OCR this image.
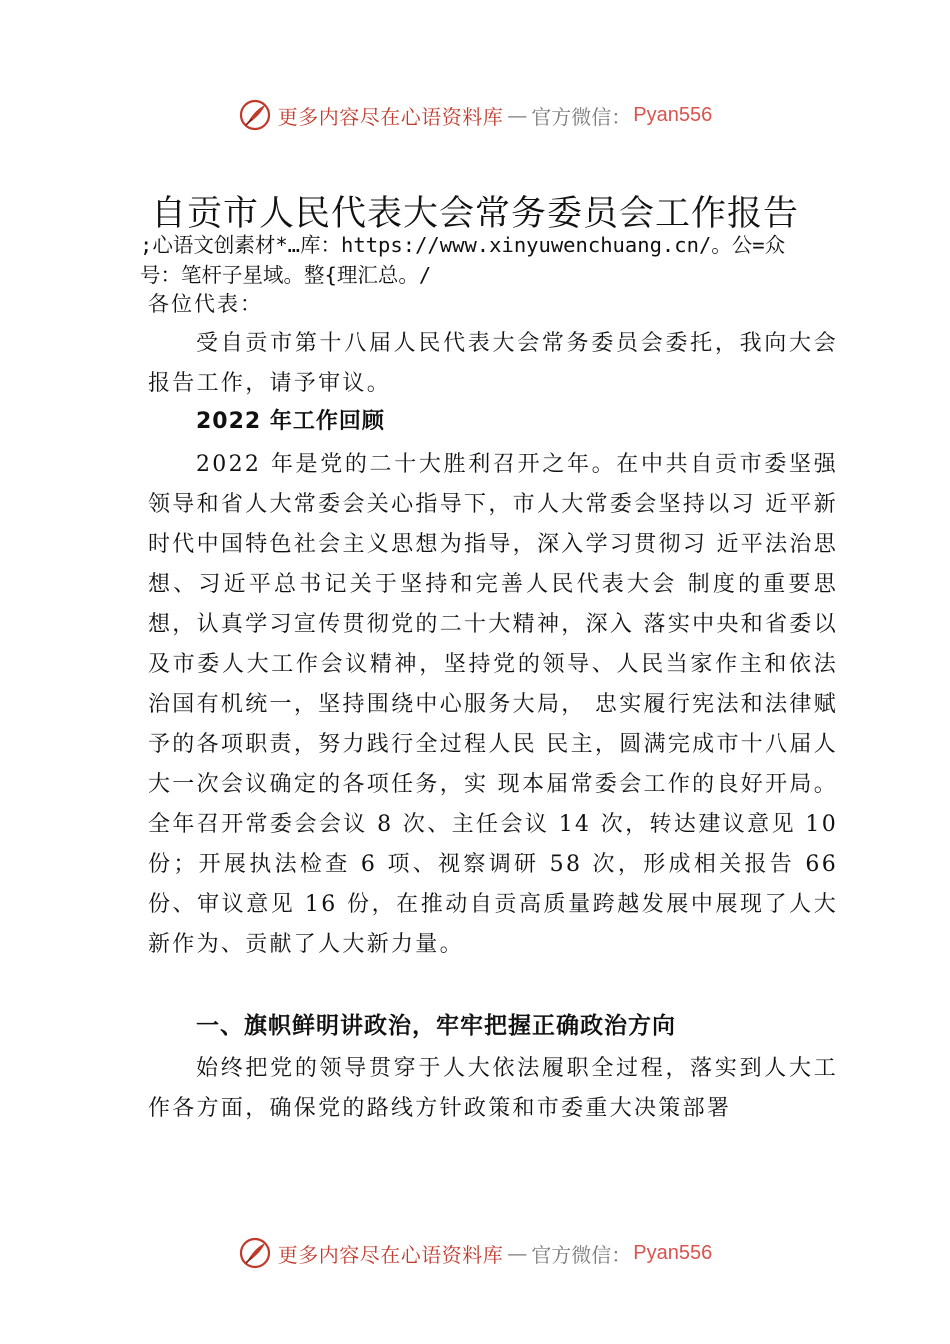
更多内容尽在心语资料库 — 官方微信： Pyan556
自贡市人民代表大会常务委员会工作报告
;心语文创素材*…库：https://www.xinyuwenchuang.cn/。公=众号：笔杆子星域。整{理汇总。/
各位代表：

受自贡市第十八届人民代表大会常务委员会委托，我向大会报告工作，请予审议。

2022 年工作回顾

2022 年是党的二十大胜利召开之年。在中共自贡市委坚强领导和省人大常委会关心指导下，市人大常委会坚持以习 近平新时代中国特色社会主义思想为指导，深入学习贯彻习 近平法治思想、习近平总书记关于坚持和完善人民代表大会 制度的重要思想，认真学习宣传贯彻党的二十大精神，深入 落实中央和省委以及市委人大工作会议精神，坚持党的领导、人民当家作主和依法治国有机统一，坚持围绕中心服务大局， 忠实履行宪法和法律赋予的各项职责，努力践行全过程人民 民主，圆满完成市十八届人大一次会议确定的各项任务，实 现本届常委会工作的良好开局。全年召开常委会会议 8 次、主任会议 14 次，转达建议意见 10 份；开展执法检查 6 项、视察调研 58 次，形成相关报告 66 份、审议意见 16 份，在推动自贡高质量跨越发展中展现了人大新作为、贡献了人大新力量。

一、旗帜鲜明讲政治，牢牢把握正确政治方向

始终把党的领导贯穿于人大依法履职全过程，落实到人大工作各方面，确保党的路线方针政策和市委重大决策部署

更多内容尽在心语资料库 — 官方微信： Pyan556
